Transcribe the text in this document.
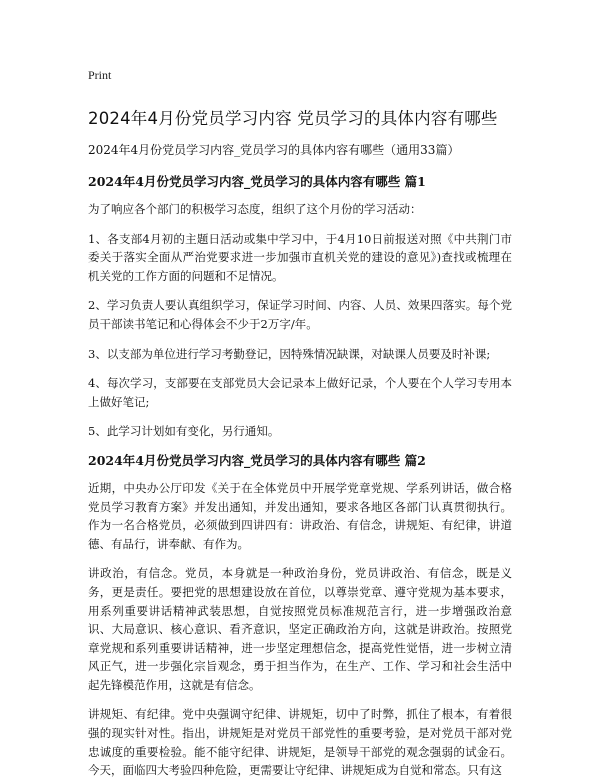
Print
2024年4月份党员学习内容 党员学习的具体内容有哪些

2024年4月份党员学习内容_党员学习的具体内容有哪些（通用33篇）

2024年4月份党员学习内容_党员学习的具体内容有哪些 篇1

为了响应各个部门的积极学习态度，组织了这个月份的学习活动：

1、各支部4月初的主题日活动或集中学习中，于4月10日前报送对照《中共荆门市委关于落实全面从严治党要求进一步加强市直机关党的建设的意见》)查找或梳理在机关党的工作方面的问题和不足情况。

2、学习负责人要认真组织学习，保证学习时间、内容、人员、效果四落实。每个党员干部读书笔记和心得体会不少于2万字/年。

3、以支部为单位进行学习考勤登记，因特殊情况缺课，对缺课人员要及时补课;

4、每次学习，支部要在支部党员大会记录本上做好记录，个人要在个人学习专用本上做好笔记;

5、此学习计划如有变化，另行通知。

2024年4月份党员学习内容_党员学习的具体内容有哪些 篇2

近期，中央办公厅印发《关于在全体党员中开展学党章党规、学系列讲话，做合格党员学习教育方案》并发出通知，并发出通知，要求各地区各部门认真贯彻执行。作为一名合格党员，必须做到四讲四有：讲政治、有信念，讲规矩、有纪律，讲道德、有品行，讲奉献、有作为。

讲政治，有信念。党员，本身就是一种政治身份，党员讲政治、有信念，既是义务，更是责任。要把党的思想建设放在首位，以尊崇党章、遵守党规为基本要求，用系列重要讲话精神武装思想，自觉按照党员标准规范言行，进一步增强政治意识、大局意识、核心意识、看齐意识，坚定正确政治方向，这就是讲政治。按照党章党规和系列重要讲话精神，进一步坚定理想信念，提高党性觉悟，进一步树立清风正气，进一步强化宗旨观念，勇于担当作为，在生产、工作、学习和社会生活中起先锋模范作用，这就是有信念。

讲规矩、有纪律。党中央强调守纪律、讲规矩，切中了时弊，抓住了根本，有着很强的现实针对性。指出，讲规矩是对党员干部党性的重要考验，是对党员干部对党忠诚度的重要检验。能不能守纪律、讲规矩，是领导干部党的观念强弱的试金石。今天，面临四大考验四种危险，更需要让守纪律、讲规矩成为自觉和常态。只有这
